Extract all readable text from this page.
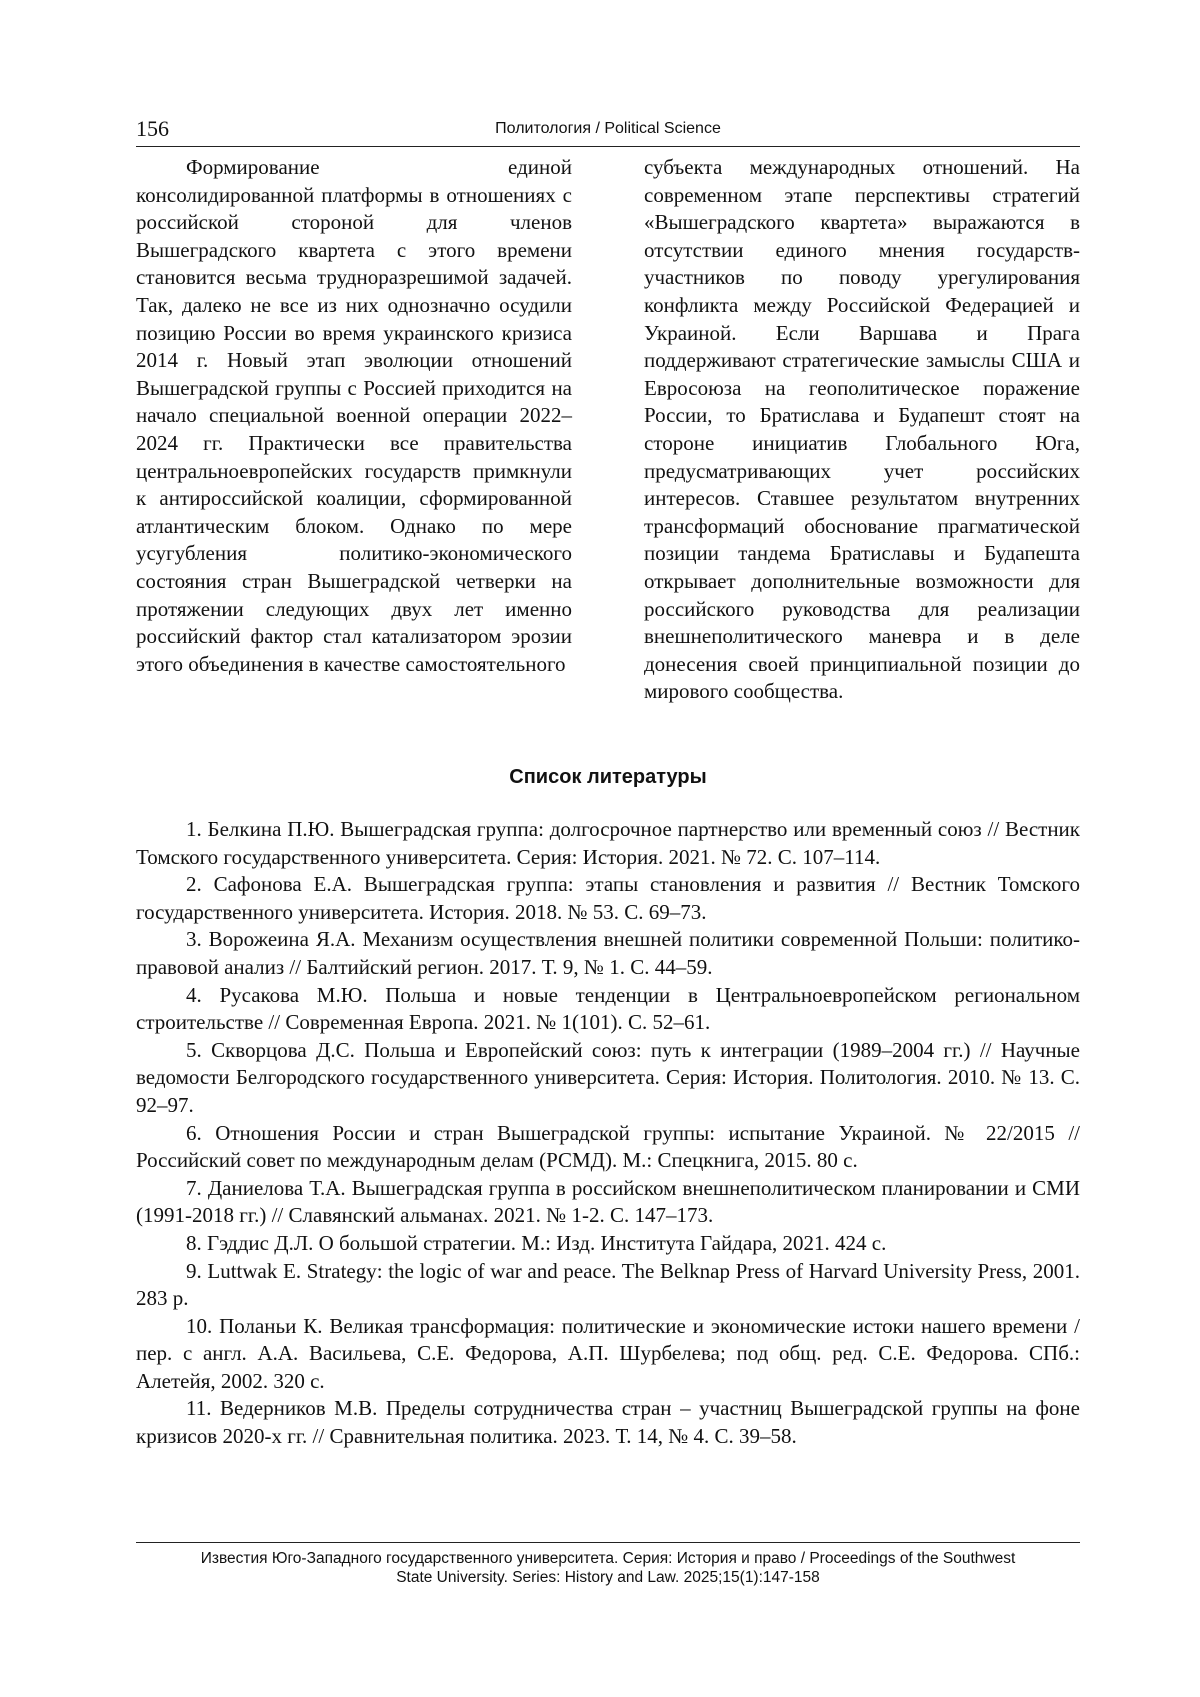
156	Политология / Political Science

Формирование единой консолидированной платформы в отношениях с российской стороной для членов Вышеградского квартета с этого времени становится весьма трудноразрешимой задачей. Так, далеко не все из них однозначно осудили позицию России во время украинского кризиса 2014 г. Новый этап эволюции отношений Вышеградской группы с Россией приходится на начало специальной военной операции 2022–2024 гг. Практически все правительства центральноевропейских государств примкнули к антироссийской коалиции, сформированной атлантическим блоком. Однако по мере усугубления политико-экономического состояния стран Вышеградской четверки на протяжении следующих двух лет именно российский фактор стал катализатором эрозии этого объединения в качестве самостоятельного

субъекта международных отношений. На современном этапе перспективы стратегий «Вышеградского квартета» выражаются в отсутствии единого мнения государств-участников по поводу урегулирования конфликта между Российской Федерацией и Украиной. Если Варшава и Прага поддерживают стратегические замыслы США и Евросоюза на геополитическое поражение России, то Братислава и Будапешт стоят на стороне инициатив Глобального Юга, предусматривающих учет российских интересов. Ставшее результатом внутренних трансформаций обоснование прагматической позиции тандема Братиславы и Будапешта открывает дополнительные возможности для российского руководства для реализации внешнеполитического маневра и в деле донесения своей принципиальной позиции до мирового сообщества.

Список литературы
1. Белкина П.Ю. Вышеградская группа: долгосрочное партнерство или временный союз // Вестник Томского государственного университета. Серия: История. 2021. № 72. С. 107–114.
2. Сафонова Е.А. Вышеградская группа: этапы становления и развития // Вестник Томского государственного университета. История. 2018. № 53. С. 69–73.
3. Ворожеина Я.А. Механизм осуществления внешней политики современной Польши: политико-правовой анализ // Балтийский регион. 2017. Т. 9, № 1. С. 44–59.
4. Русакова М.Ю. Польша и новые тенденции в Центральноевропейском региональном строительстве // Современная Европа. 2021. № 1(101). С. 52–61.
5. Скворцова Д.С. Польша и Европейский союз: путь к интеграции (1989–2004 гг.) // Научные ведомости Белгородского государственного университета. Серия: История. Политология. 2010. № 13. С. 92–97.
6. Отношения России и стран Вышеградской группы: испытание Украиной. № 22/2015 // Российский совет по международным делам (РСМД). М.: Спецкнига, 2015. 80 с.
7. Даниелова Т.А. Вышеградская группа в российском внешнеполитическом планировании и СМИ (1991-2018 гг.) // Славянский альманах. 2021. № 1-2. С. 147–173.
8. Гэддис Д.Л. О большой стратегии. М.: Изд. Института Гайдара, 2021. 424 с.
9. Luttwak E. Strategy: the logic of war and peace. The Belknap Press of Harvard University Press, 2001. 283 p.
10. Поланьи К. Великая трансформация: политические и экономические истоки нашего времени / пер. с англ. А.А. Васильева, С.Е. Федорова, А.П. Шурбелева; под общ. ред. С.Е. Федорова. СПб.: Алетейя, 2002. 320 с.
11. Ведерников М.В. Пределы сотрудничества стран – участниц Вышеградской группы на фоне кризисов 2020-х гг. // Сравнительная политика. 2023. Т. 14, № 4. С. 39–58.
Известия Юго-Западного государственного университета. Серия: История и право / Proceedings of the Southwest
State University. Series: History and Law. 2025;15(1):147-158
